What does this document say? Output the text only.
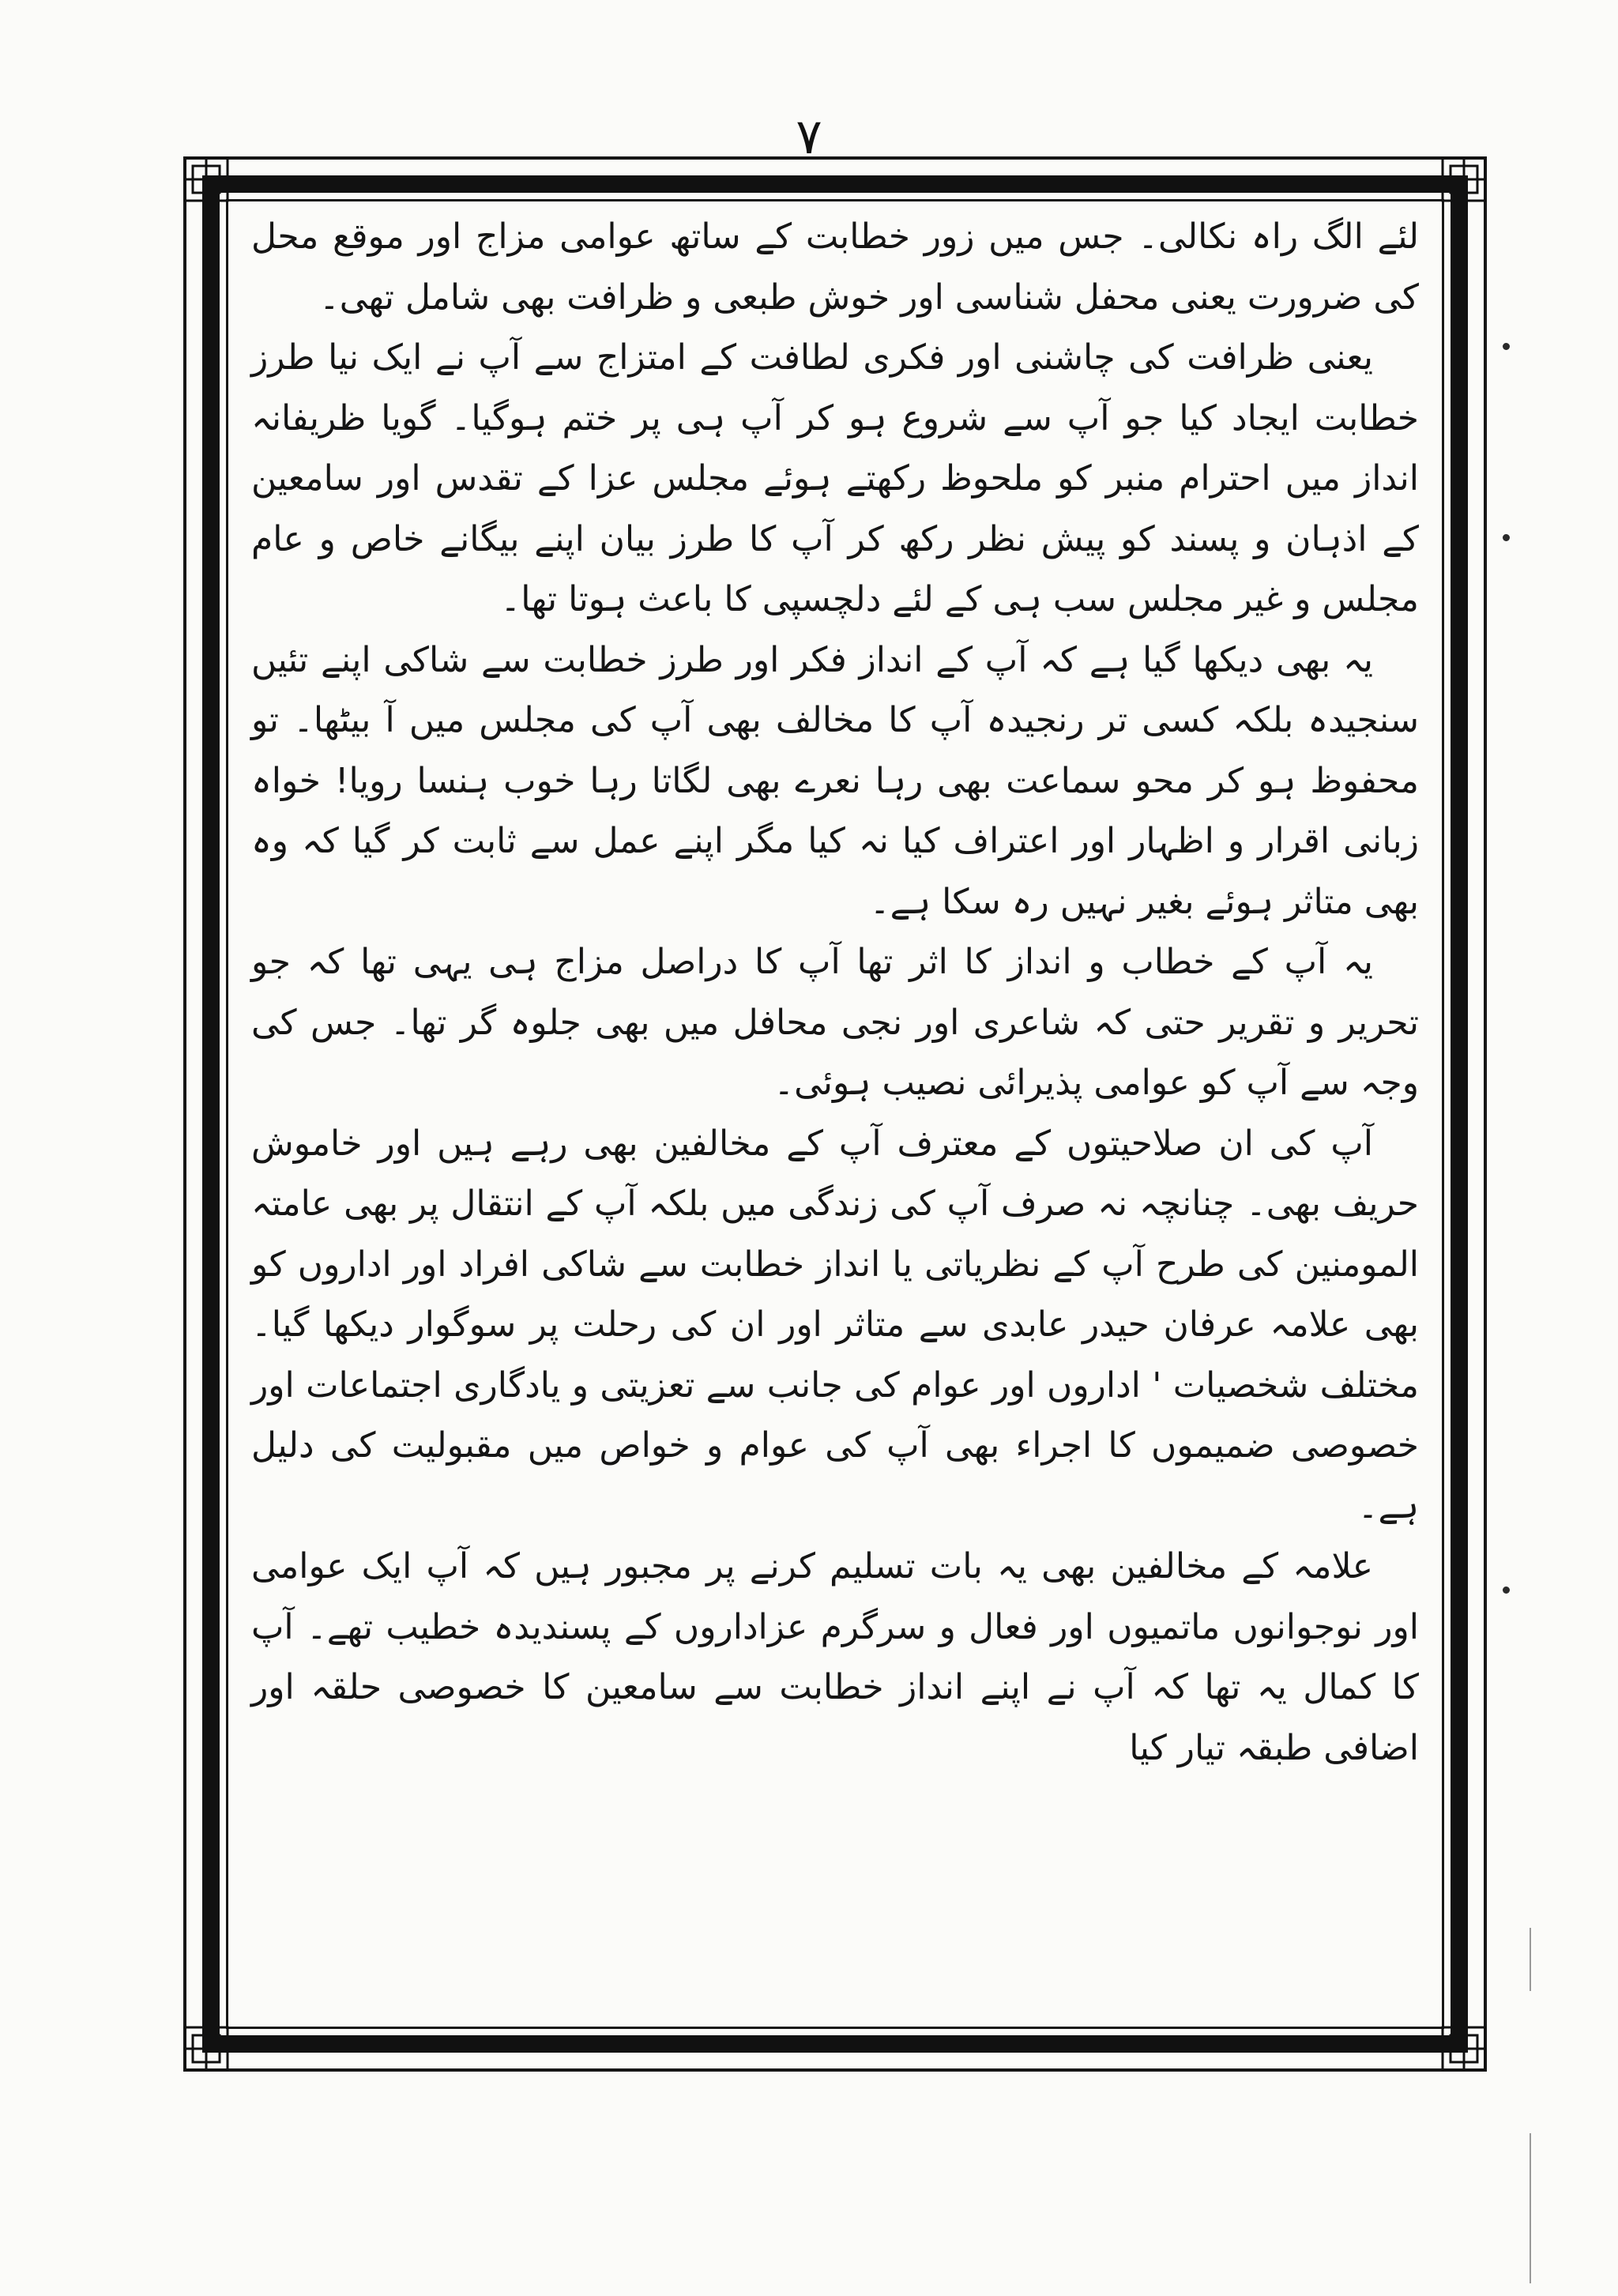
۷

لئے الگ راہ نکالی۔ جس میں زور خطابت کے ساتھ عوامی مزاج اور موقع محل کی ضرورت یعنی محفل شناسی اور خوش طبعی و ظرافت بھی شامل تھی۔

یعنی ظرافت کی چاشنی اور فکری لطافت کے امتزاج سے آپ نے ایک نیا طرز خطابت ایجاد کیا جو آپ سے شروع ہو کر آپ ہی پر ختم ہوگیا۔ گویا ظریفانہ انداز میں احترام منبر کو ملحوظ رکھتے ہوئے مجلس عزا کے تقدس اور سامعین کے اذہان و پسند کو پیش نظر رکھ کر آپ کا طرز بیان اپنے بیگانے خاص و عام مجلس و غیر مجلس سب ہی کے لئے دلچسپی کا باعث ہوتا تھا۔

یہ بھی دیکھا گیا ہے کہ آپ کے انداز فکر اور طرز خطابت سے شاکی اپنے تئیں سنجیدہ بلکہ کسی تر رنجیدہ آپ کا مخالف بھی آپ کی مجلس میں آ بیٹھا۔ تو محفوظ ہو کر محو سماعت بھی رہا نعرے بھی لگاتا رہا خوب ہنسا رویا! خواہ زبانی اقرار و اظہار اور اعتراف کیا نہ کیا مگر اپنے عمل سے ثابت کر گیا کہ وہ بھی متاثر ہوئے بغیر نہیں رہ سکا ہے۔

یہ آپ کے خطاب و انداز کا اثر تھا آپ کا دراصل مزاج ہی یہی تھا کہ جو تحریر و تقریر حتی کہ شاعری اور نجی محافل میں بھی جلوہ گر تھا۔ جس کی وجہ سے آپ کو عوامی پذیرائی نصیب ہوئی۔

آپ کی ان صلاحیتوں کے معترف آپ کے مخالفین بھی رہے ہیں اور خاموش حریف بھی۔ چنانچہ نہ صرف آپ کی زندگی میں بلکہ آپ کے انتقال پر بھی عامتہ المومنین کی طرح آپ کے نظریاتی یا انداز خطابت سے شاکی افراد اور اداروں کو بھی علامہ عرفان حیدر عابدی سے متاثر اور ان کی رحلت پر سوگوار دیکھا گیا۔ مختلف شخصیات ' اداروں اور عوام کی جانب سے تعزیتی و یادگاری اجتماعات اور خصوصی ضمیموں کا اجراء بھی آپ کی عوام و خواص میں مقبولیت کی دلیل ہے۔

علامہ کے مخالفین بھی یہ بات تسلیم کرنے پر مجبور ہیں کہ آپ ایک عوامی اور نوجوانوں ماتمیوں اور فعال و سرگرم عزاداروں کے پسندیدہ خطیب تھے۔ آپ کا کمال یہ تھا کہ آپ نے اپنے انداز خطابت سے سامعین کا خصوصی حلقہ اور اضافی طبقہ تیار کیا
